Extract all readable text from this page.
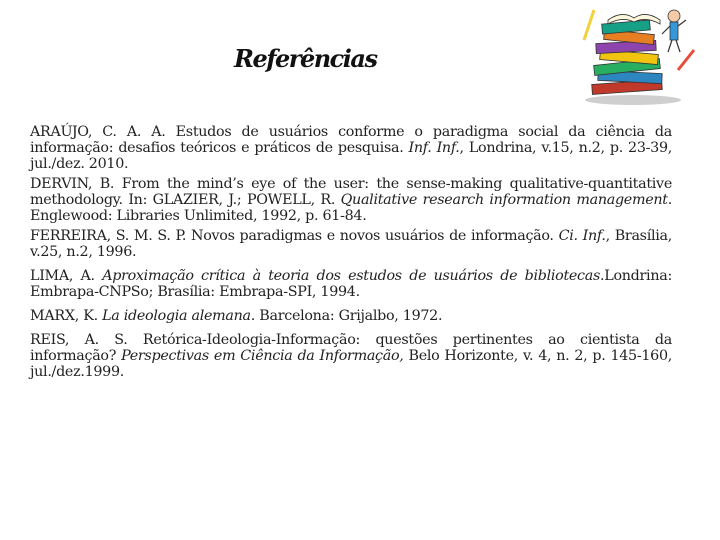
Referências

ARAÚJO, C. A. A. Estudos de usuários conforme o paradigma social da ciência da informação: desafios teóricos e práticos de pesquisa. Inf. Inf., Londrina, v.15, n.2, p. 23-39, jul./dez. 2010.

DERVIN, B. From the mind’s eye of the user: the sense-making qualitative-quantitative methodology. In: GLAZIER, J.; POWELL, R. Qualitative research information management. Englewood: Libraries Unlimited, 1992, p. 61-84.

FERREIRA, S. M. S. P. Novos paradigmas e novos usuários de informação. Ci. Inf., Brasília, v.25, n.2, 1996.

LIMA, A. Aproximação crítica à teoria dos estudos de usuários de bibliotecas.Londrina: Embrapa-CNPSo; Brasília: Embrapa-SPI, 1994.

MARX, K. La ideologia alemana. Barcelona: Grijalbo, 1972.

REIS, A. S. Retórica-Ideologia-Informação: questões pertinentes ao cientista da informação? Perspectivas em Ciência da Informação, Belo Horizonte, v. 4, n. 2, p. 145-160, jul./dez.1999.
